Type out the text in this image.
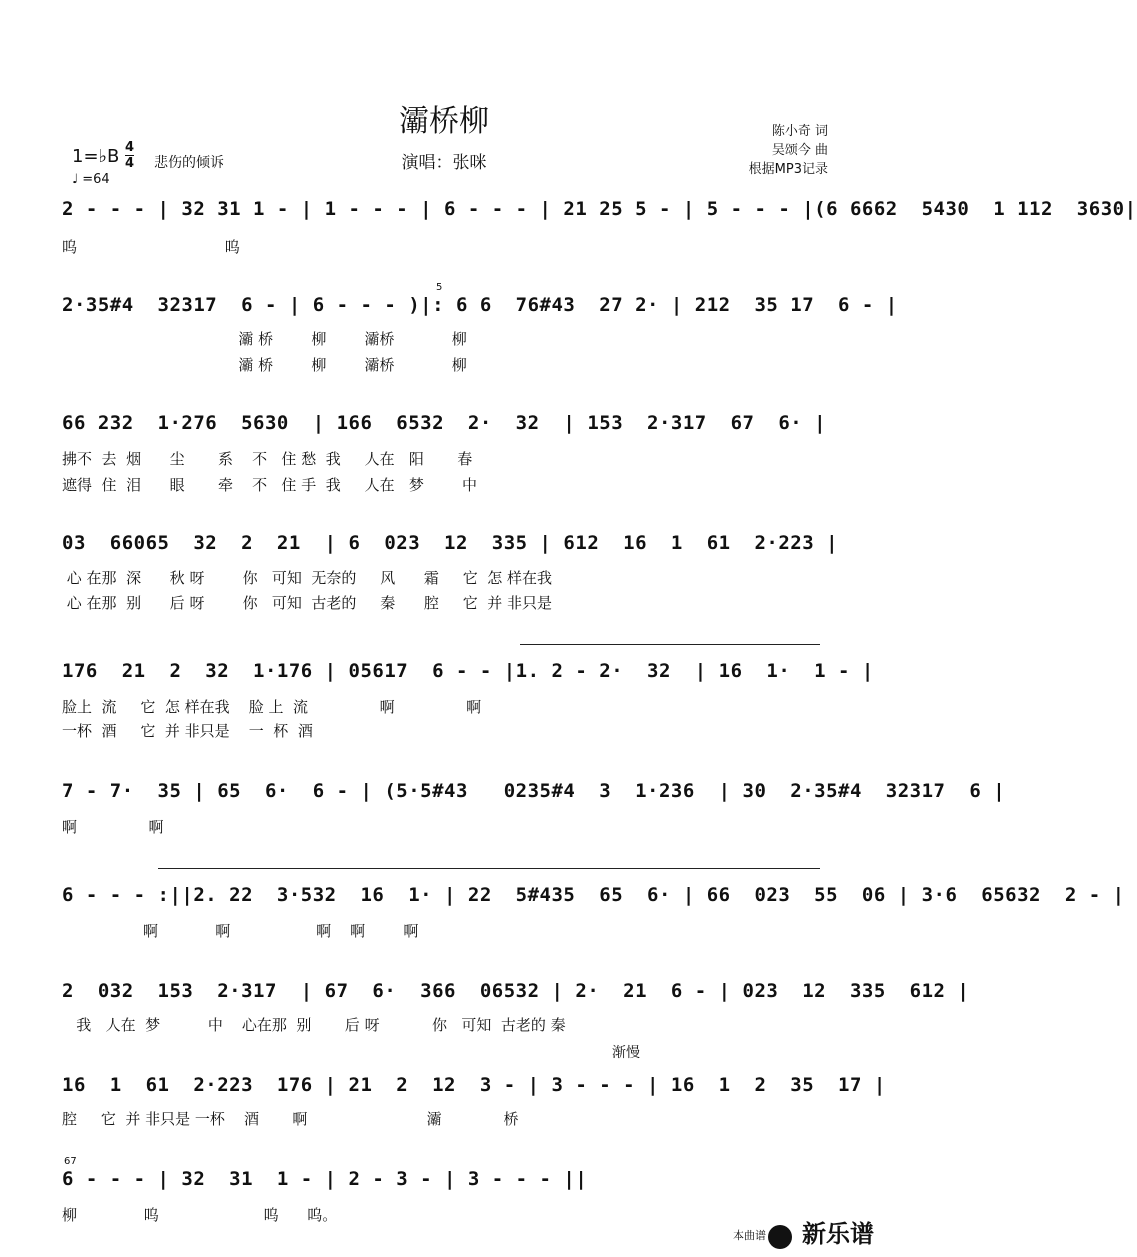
灞桥柳
演唱：张咪
陈小奇 词
吴颂今 曲
根据MP3记录
1=♭B 4
4
♩ =64
悲伤的倾诉
2 - - - | 32 31 1 - | 1 - - - | 6 - - - | 21 25 5 - | 5 - - - |(6 6662  5430  1 112  3630|
呜                               呜
2·35#4  32317  6 - | 6 - - - )|: 6 6  76#43  27 2· | 212  35 17  6 - |
灞 桥        柳        灞桥            柳
灞 桥        柳        灞桥            柳
5
66 232  1·276  5630  | 166  6532  2·  32  | 153  2·317  67  6· |
拂不  去  烟      尘       系    不   住 愁  我     人在   阳       春
遮得  住  泪      眼       牵    不   住 手  我     人在   梦        中
03  66065  32  2  21  | 6  023  12  335 | 612  16  1  61  2·223 |
心 在那  深      秋 呀        你   可知  无奈的     风      霜     它  怎 样在我
心 在那  别      后 呀        你   可知  古老的     秦      腔     它  并 非只是
176  21  2  32  1·176 | 05617  6 - - |1. 2 - 2·  32  | 16  1·  1 - |
脸上  流     它  怎 样在我    脸 上  流               啊               啊
一杯  酒     它  并 非只是    一  杯  酒
7 - 7·  35 | 65  6·  6 - | (5·5#43   0235#4  3  1·236  | 30  2·35#4  32317  6 |
啊               啊
6 - - - :||2. 22  3·532  16  1· | 22  5#435  65  6· | 66  023  55  06 | 3·6  65632  2 - |
啊            啊                  啊    啊        啊
2  032  153  2·317  | 67  6·  366  06532 | 2·  21  6 - | 023  12  335  612 |
我   人在  梦          中    心在那  别       后 呀           你   可知  古老的 秦
渐慢
16  1  61  2·223  176 | 21  2  12  3 - | 3 - - - | 16  1  2  35  17 |
腔     它  并 非只是 一杯    酒       啊                         灞             桥
67
6 - - - | 32  31  1 - | 2 - 3 - | 3 - - - ||
柳              呜                      呜      呜。
本曲谱 新乐谱
